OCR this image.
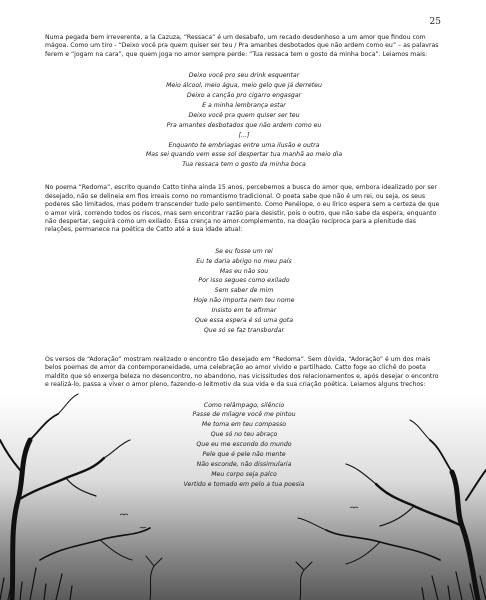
25

Numa pegada bem irreverente, a la Cazuza, “Ressaca” é um desabafo, um recado desdenhoso a um amor que findou com mágoa. Como um tiro - “Deixo você pra quem quiser ser teu / Pra amantes desbotados que não ardem como eu” – as palavras ferem e “jogam na cara”, que quem joga no amor sempre perde: “Tua ressaca tem o gosto da minha boca”. Leiamos mais:

Deixo você pro seu drink esquentar
Meio álcool, meio água, meio gelo que já derreteu
Deixo a canção pro cigarro engasgar
E a minha lembrança estar
Deixo você pra quem quiser ser teu
Pra amantes desbotados que não ardem como eu
[...]
Enquanto te embriagas entre uma ilusão e outra
Mas sei quando vem esse sol despertar tua manhã ao meio dia
Tua ressaca tem o gosto da minha boca

No poema “Redoma”, escrito quando Catto tinha ainda 15 anos, percebemos a busca do amor que, embora idealizado por ser desejado, não se delineia em fios irreais como no romantismo tradicional. O poeta sabe que não é um rei, ou seja, os seus poderes são limitados, mas podem transcender tudo pelo sentimento. Como Penélope, o eu lírico espera sem a certeza de que o amor virá, correndo todos os riscos, mas sem encontrar razão para desistir, pois o outro, que não sabe da espera, enquanto não despertar, seguirá como um exilado. Essa crença no amor-complemento, na doação recíproca para a plenitude das relações, permanece na poética de Catto até a sua idade atual:

Se eu fosse um rei
Eu te daria abrigo no meu país
Mas eu não sou
Por isso segues como exilado
Sem saber de mim
Hoje não importa nem teu nome
Insisto em te afirmar
Que essa espera é só uma gota
Que só se faz transbordar

Os versos de “Adoração” mostram realizado o encontro tão desejado em “Redoma”. Sem dúvida, “Adoração” é um dos mais belos poemas de amor da contemporaneidade, uma celebração ao amor vivido e partilhado. Catto foge ao clichê do poeta maldito que só enxerga beleza no desencontro, no abandono, nas vicissitudes dos relacionamentos e, após desejar o encontro e realizá-lo, passa a viver o amor pleno, fazendo-o leitmotiv da sua vida e da sua criação poética. Leiamos alguns trechos:

Como relâmpago, silêncio
Passe de milagre você me pintou
Me toma em teu compasso
Que só no teu abraço
Que eu me escondo do mundo
Pele que é pele não mente
Não esconde, não dissimularia
Meu corpo seja palco
Vertido e tomado em pelo a tua poesia
